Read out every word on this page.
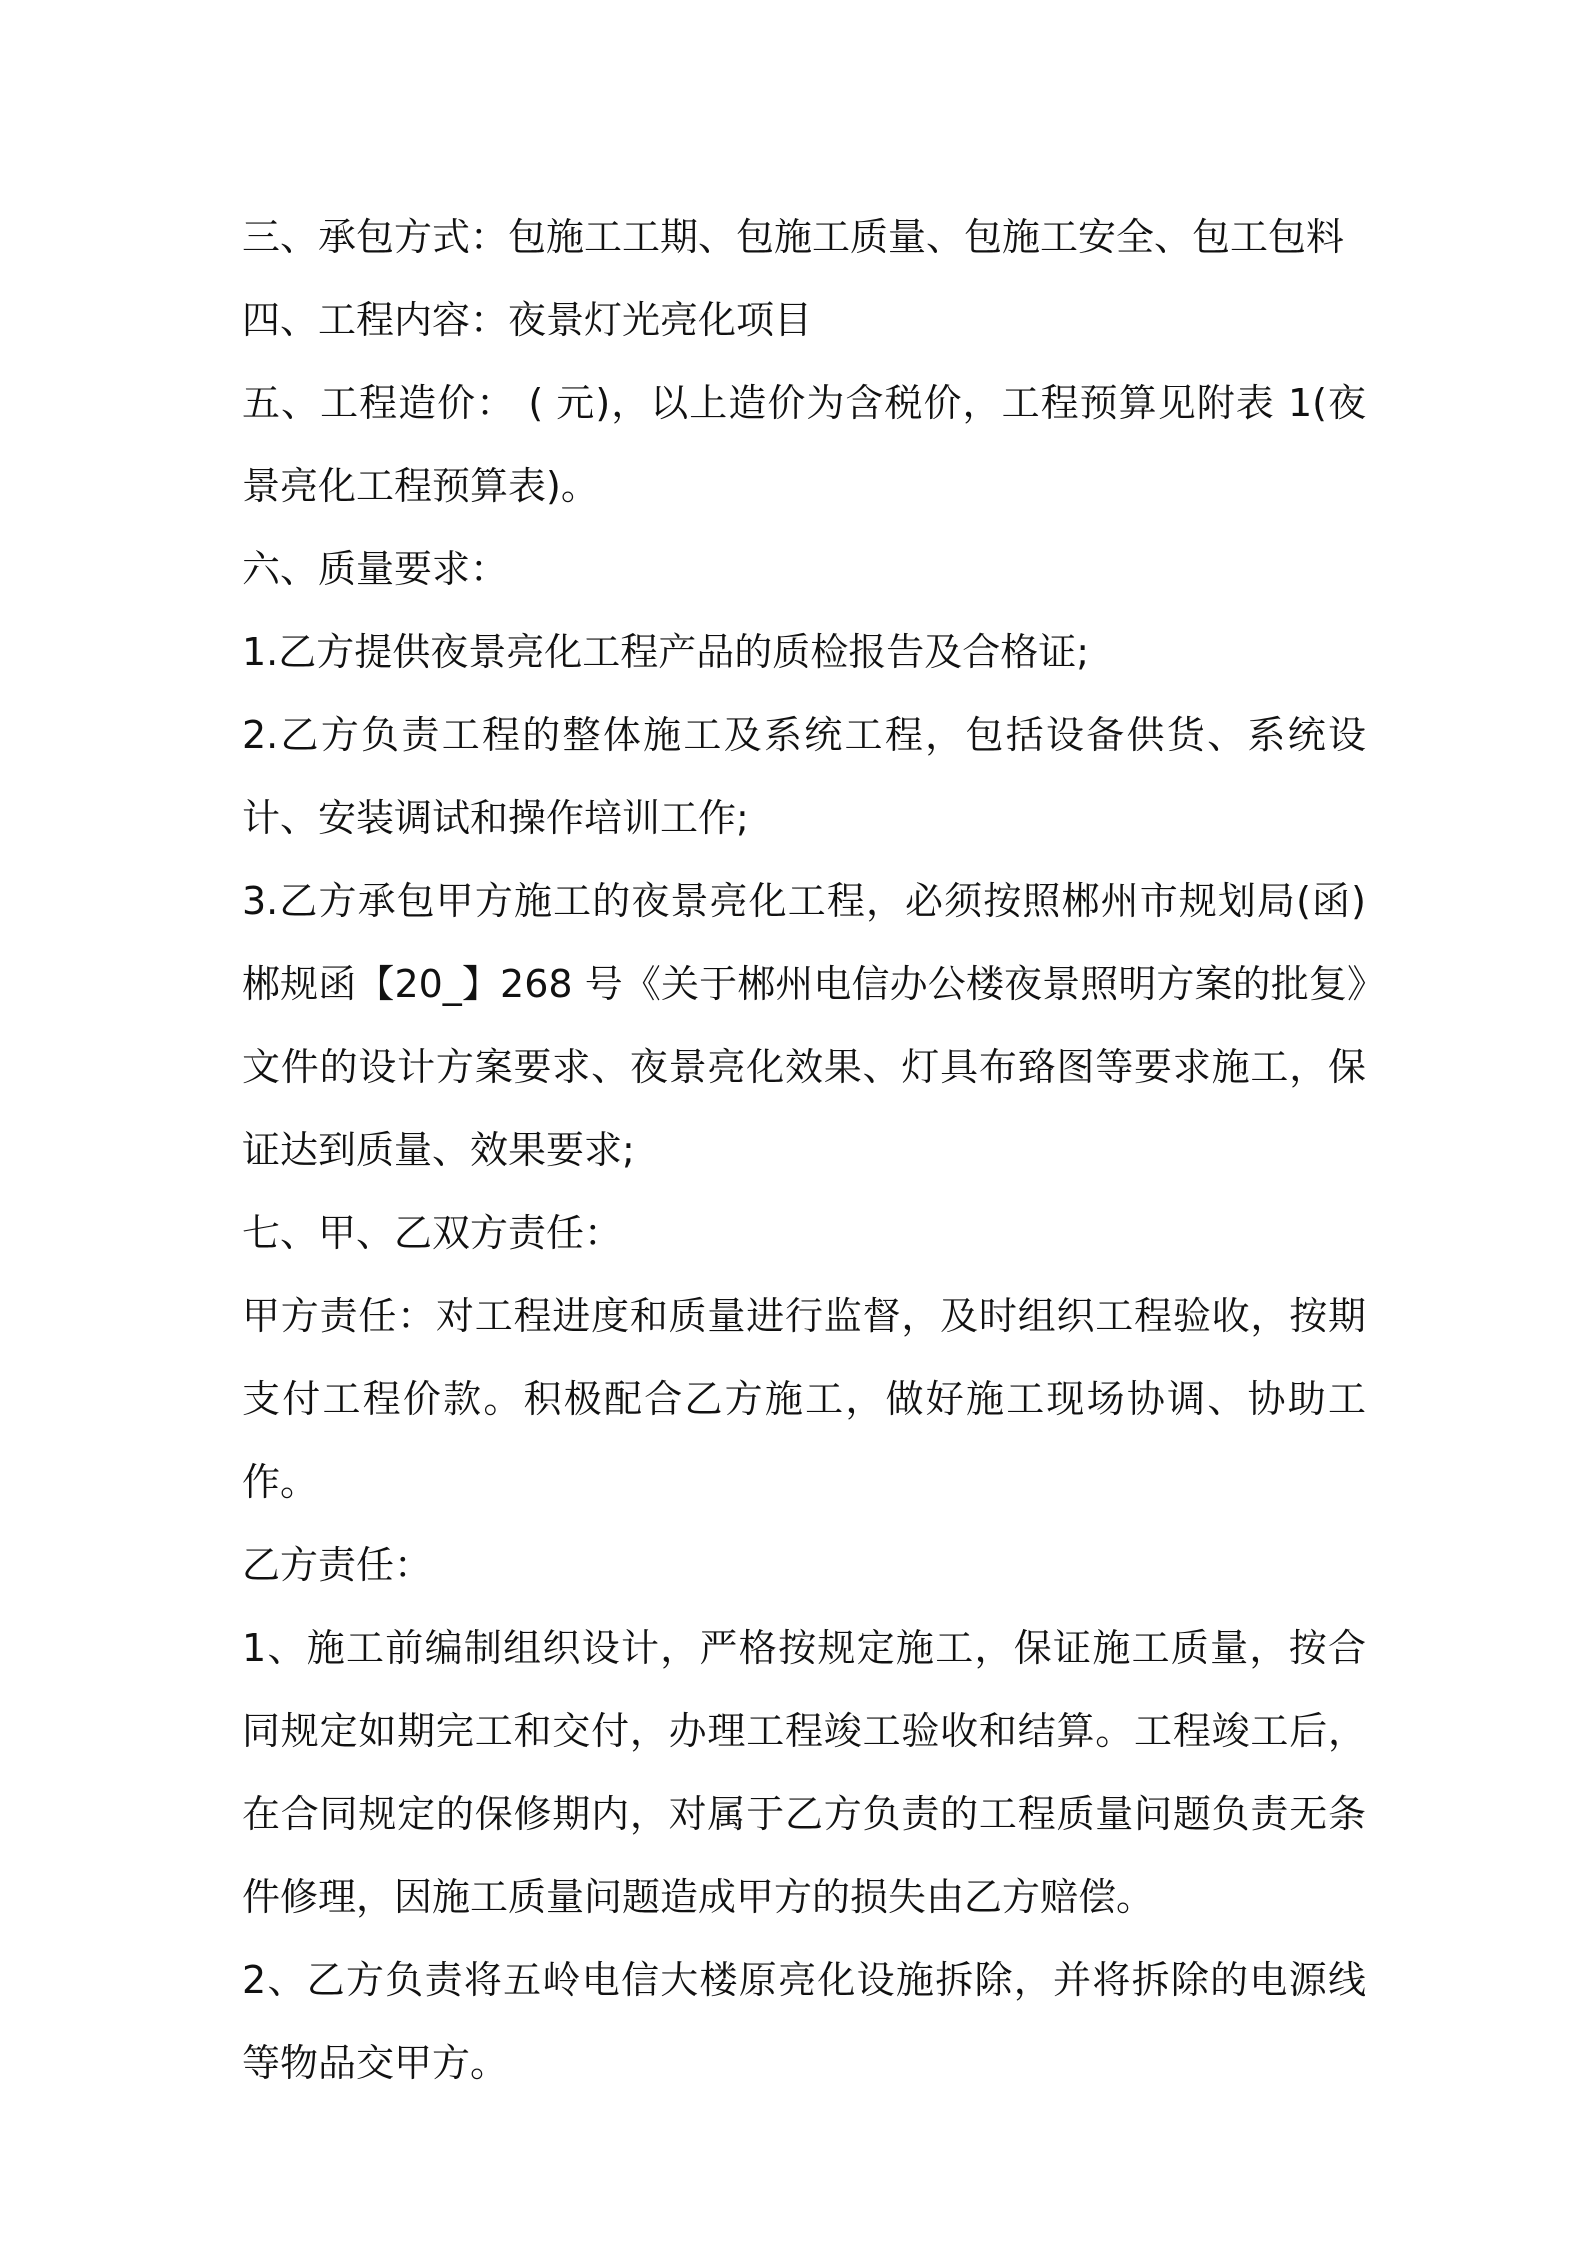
三、承包方式：包施工工期、包施工质量、包施工安全、包工包料

四、工程内容：夜景灯光亮化项目

五、工程造价： ( 元)，以上造价为含税价，工程预算见附表 1(夜景亮化工程预算表)。

六、质量要求：

1.乙方提供夜景亮化工程产品的质检报告及合格证;

2.乙方负责工程的整体施工及系统工程，包括设备供货、系统设计、安装调试和操作培训工作;

3.乙方承包甲方施工的夜景亮化工程，必须按照郴州市规划局(函)郴规函【20_】268 号《关于郴州电信办公楼夜景照明方案的批复》文件的设计方案要求、夜景亮化效果、灯具布臵图等要求施工，保证达到质量、效果要求;

七、甲、乙双方责任：

甲方责任：对工程进度和质量进行监督，及时组织工程验收，按期支付工程价款。积极配合乙方施工，做好施工现场协调、协助工作。

乙方责任：

1、施工前编制组织设计，严格按规定施工，保证施工质量，按合同规定如期完工和交付，办理工程竣工验收和结算。工程竣工后，在合同规定的保修期内，对属于乙方负责的工程质量问题负责无条件修理，因施工质量问题造成甲方的损失由乙方赔偿。

2、乙方负责将五岭电信大楼原亮化设施拆除，并将拆除的电源线等物品交甲方。
